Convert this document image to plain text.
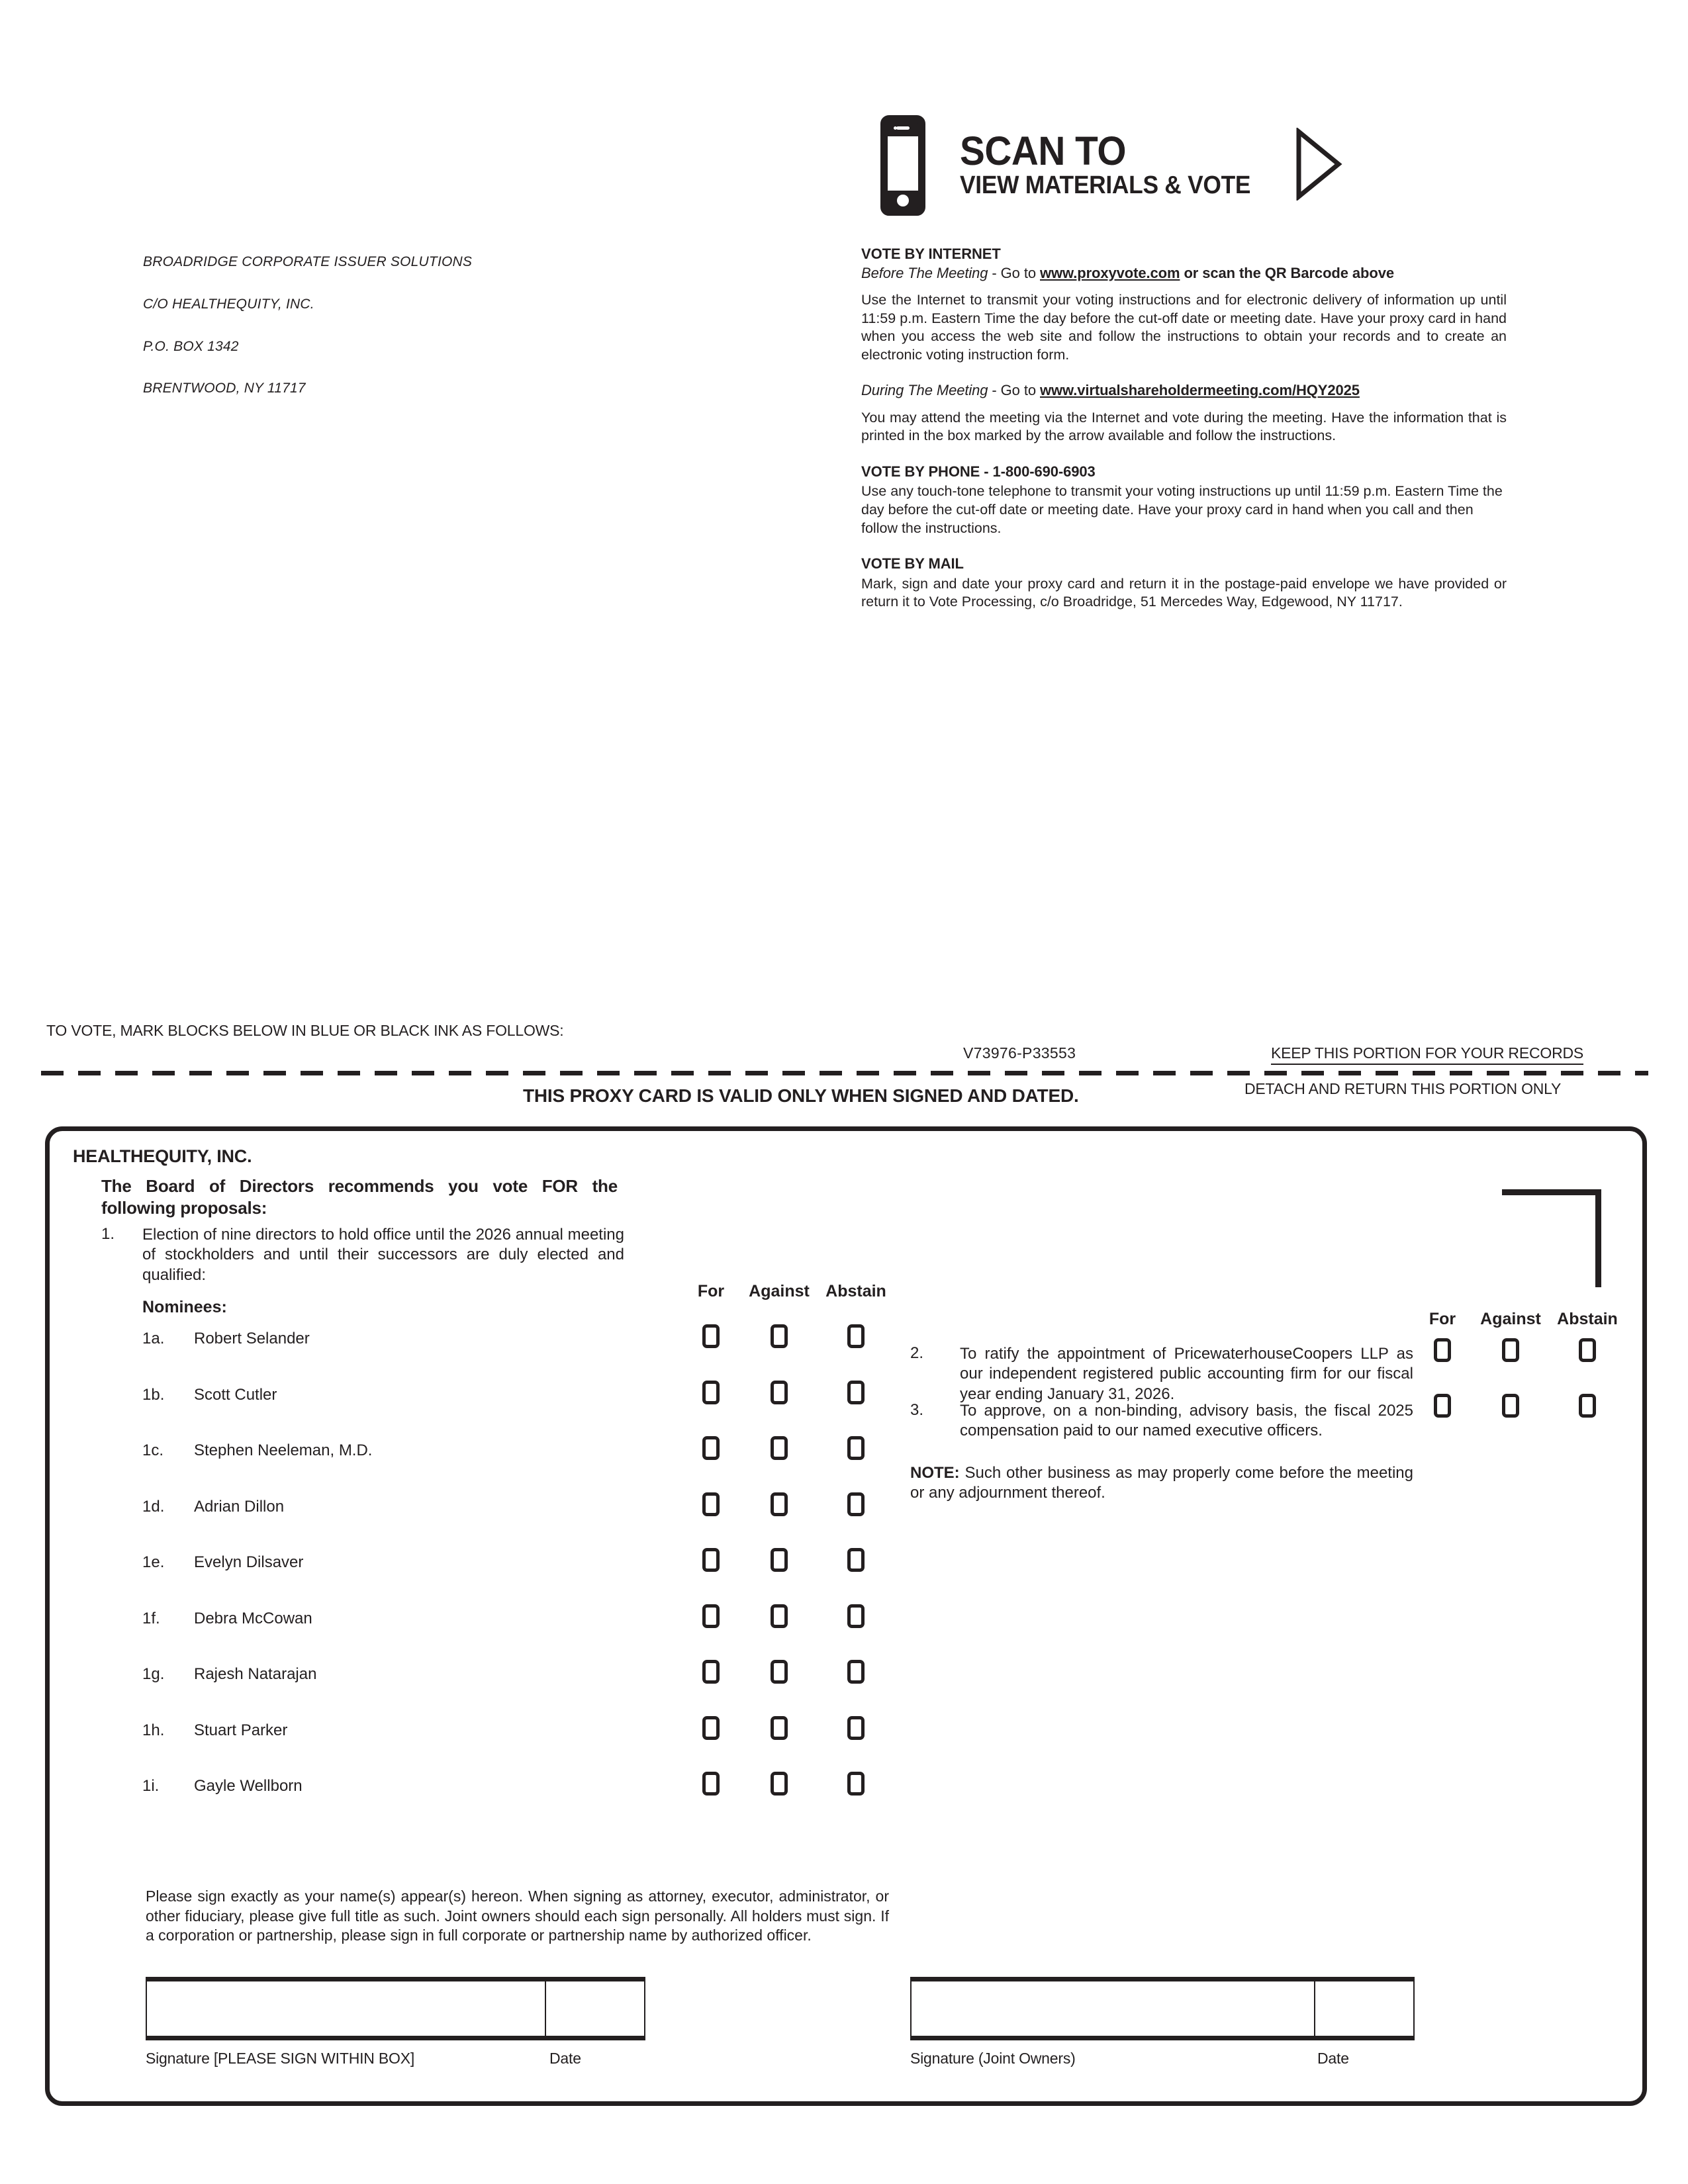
BROADRIDGE CORPORATE ISSUER SOLUTIONS

C/O HEALTHEQUITY, INC.

P.O. BOX 1342

BRENTWOOD, NY 11717

SCAN TO
VIEW MATERIALS & VOTE
VOTE BY INTERNET
Before The Meeting - Go to www.proxyvote.com or scan the QR Barcode above
Use the Internet to transmit your voting instructions and for electronic delivery of information up until 11:59 p.m. Eastern Time the day before the cut-off date or meeting date. Have your proxy card in hand when you access the web site and follow the instructions to obtain your records and to create an electronic voting instruction form.
During The Meeting - Go to www.virtualshareholdermeeting.com/HQY2025
You may attend the meeting via the Internet and vote during the meeting. Have the information that is printed in the box marked by the arrow available and follow the instructions.
VOTE BY PHONE - 1-800-690-6903
Use any touch-tone telephone to transmit your voting instructions up until 11:59 p.m. Eastern Time the day before the cut-off date or meeting date. Have your proxy card in hand when you call and then follow the instructions.
VOTE BY MAIL
Mark, sign and date your proxy card and return it in the postage-paid envelope we have provided or return it to Vote Processing, c/o Broadridge, 51 Mercedes Way, Edgewood, NY 11717.
TO VOTE, MARK BLOCKS BELOW IN BLUE OR BLACK INK AS FOLLOWS:
V73976-P33553	KEEP THIS PORTION FOR YOUR RECORDS
DETACH AND RETURN THIS PORTION ONLY
THIS PROXY CARD IS VALID ONLY WHEN SIGNED AND DATED.
HEALTHEQUITY, INC.
The Board of Directors recommends you vote FOR the following proposals:
1.	Election of nine directors to hold office until the 2026 annual meeting of stockholders and until their successors are duly elected and qualified:
Nominees:
For	Against Abstain
1a. Robert Selander
1b. Scott Cutler
1c. Stephen Neeleman, M.D.
1d. Adrian Dillon
1e. Evelyn Dilsaver
1f. Debra McCowan
1g. Rajesh Natarajan
1h. Stuart Parker
1i. Gayle Wellborn
For	Against Abstain
2.	To ratify the appointment of PricewaterhouseCoopers LLP as our independent registered public accounting firm for our fiscal year ending January 31, 2026.
3.	To approve, on a non-binding, advisory basis, the fiscal 2025 compensation paid to our named executive officers.
NOTE: Such other business as may properly come before the meeting or any adjournment thereof.
Please sign exactly as your name(s) appear(s) hereon. When signing as attorney, executor, administrator, or other fiduciary, please give full title as such. Joint owners should each sign personally. All holders must sign. If a corporation or partnership, please sign in full corporate or partnership name by authorized officer.
Signature [PLEASE SIGN WITHIN BOX]	Date	Signature (Joint Owners)	Date
